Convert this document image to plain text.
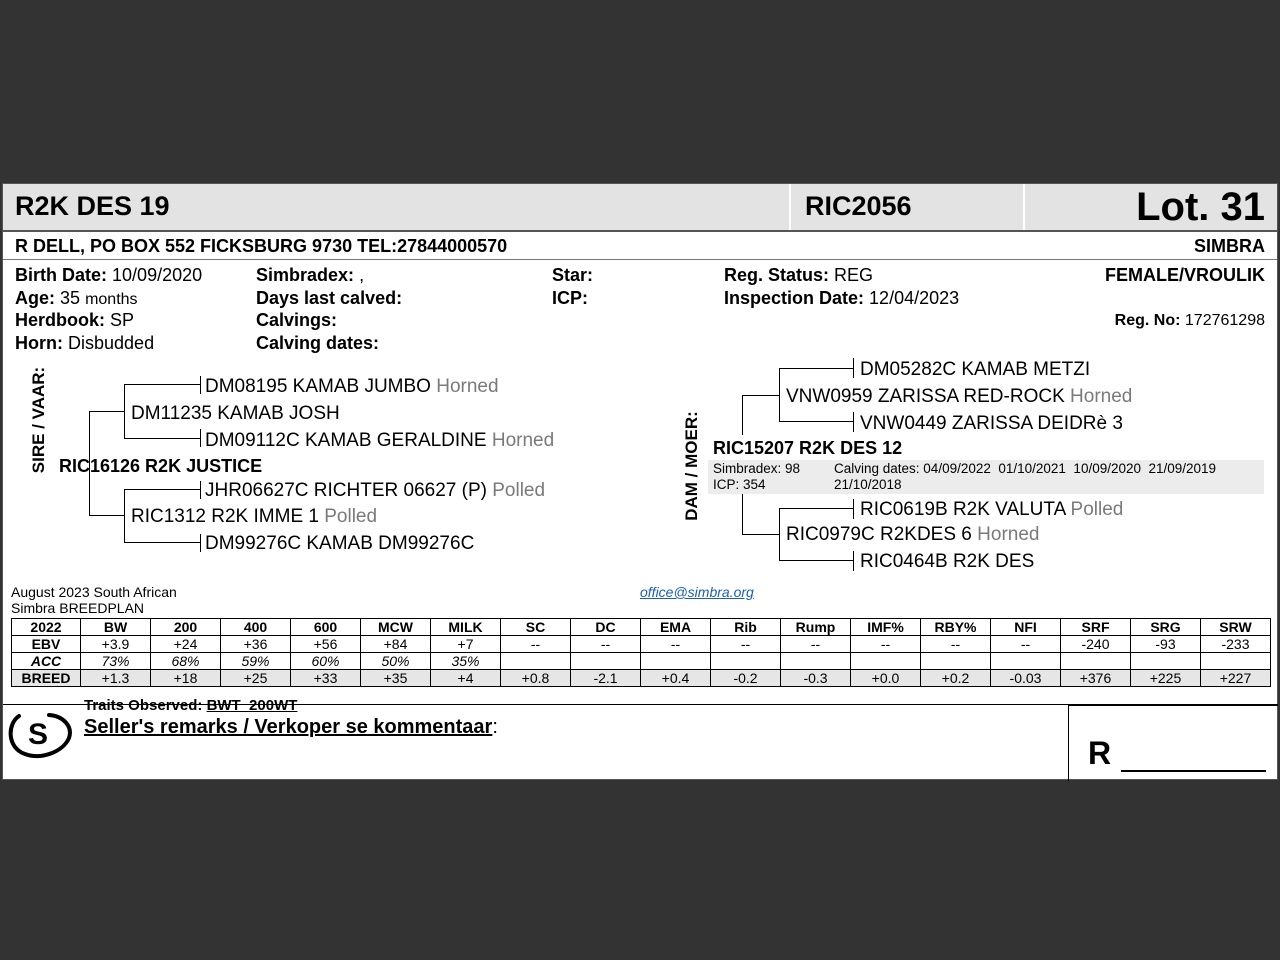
R2K DES 19	RIC2056	Lot. 31
R DELL, PO BOX 552 FICKSBURG 9730 TEL:27844000570	SIMBRA
Birth Date: 10/09/2020
Age: 35 months
Herdbook: SP
Horn: Disbudded
Simbradex: ,
Days last calved:
Calvings:
Calving dates:
Star:
ICP:
Reg. Status: REG
Inspection Date: 12/04/2023
FEMALE/VROULIK
Reg. No: 172761298
SIRE / VAAR:	DM08195 KAMAB JUMBO Horned
DM11235 KAMAB JOSH
DM09112C KAMAB GERALDINE Horned
RIC16126 R2K JUSTICE
JHR06627C RICHTER 06627 (P) Polled
RIC1312 R2K IMME 1 Polled
DM99276C KAMAB DM99276C
DAM / MOER:
DM05282C KAMAB METZI
VNW0959 ZARISSA RED-ROCK Horned
VNW0449 ZARISSA DEIDRè 3
RIC15207 R2K DES 12
Simbradex: 98
ICP: 354
Calving dates: 04/09/2022  01/10/2021  10/09/2020  21/09/2019
21/10/2018
RIC0619B R2K VALUTA Polled
RIC0979C R2KDES 6 Horned
RIC0464B R2K DES
August 2023 South African
Simbra BREEDPLAN
office@simbra.org
2022	BW	200	400	600	MCW	MILK	SC	DC	EMA	Rib	Rump	IMF%	RBY%	NFI	SRF	SRG	SRW
EBV	+3.9	+24	+36	+56	+84	+7	--	--	--	--	--	--	--	--	-240	-93	-233
ACC	73%	68%	59%	60%	50%	35%											
BREED	+1.3	+18	+25	+33	+35	+4	+0.8	-2.1	+0.4	-0.2	-0.3	+0.0	+0.2	-0.03	+376	+225	+227
S
Traits Observed: BWT  200WT
Seller's remarks / Verkoper se kommentaar:
R
